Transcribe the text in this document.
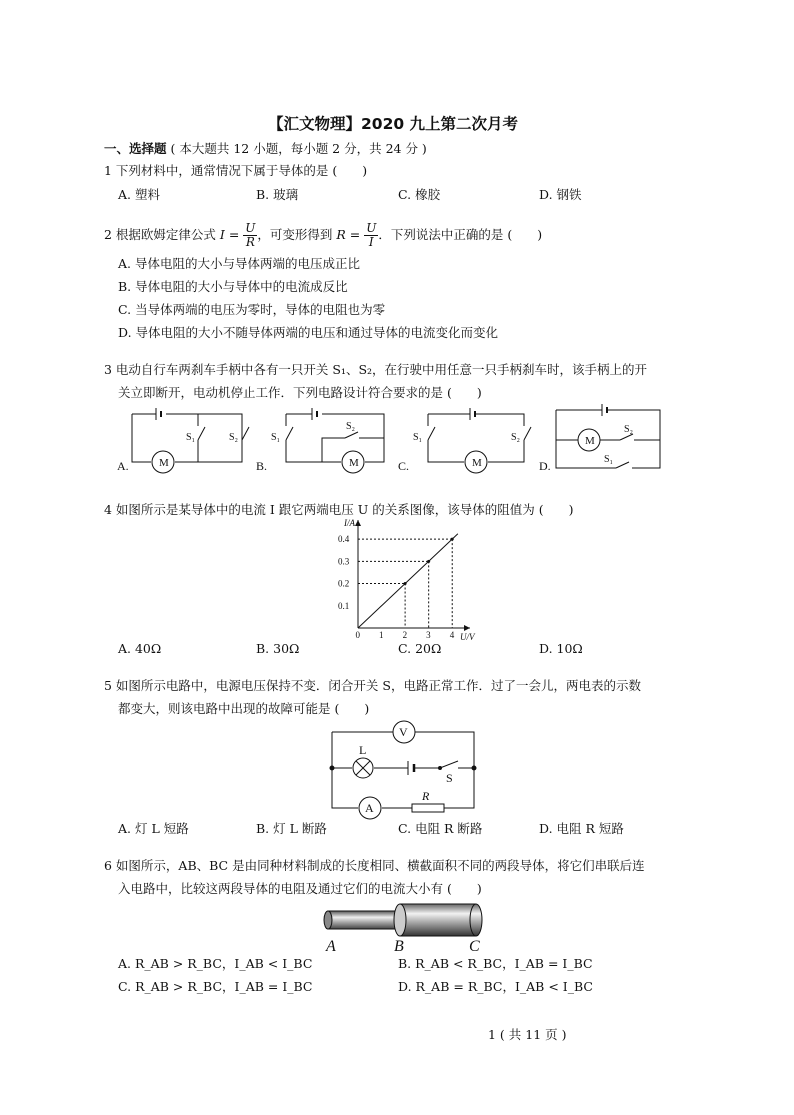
【汇文物理】2020 九上第二次月考
一、选择题 ( 本大题共 12 小题，每小题 2 分，共 24 分 )
1 下列材料中，通常情况下属于导体的是 (　　)
A. 塑料	B. 玻璃	C. 橡胶	D. 钢铁
2 根据欧姆定律公式 $I = \frac{U}{R}$ ，可变形得到 $R = \frac{U}{I}$ ．下列说法中正确的是 (　　)
A. 导体电阻的大小与导体两端的电压成正比
B. 导体电阻的大小与导体中的电流成反比
C. 当导体两端的电压为零时，导体的电阻也为零
D. 导体电阻的大小不随导体两端的电压和通过导体的电流变化而变化
3 电动自行车两刹车手柄中各有一只开关 S₁、S₂，在行驶中用任意一只手柄刹车时，该手柄上的开
关立即断开，电动机停止工作．下列电路设计符合要求的是 (　　)
M
S₁	S₂
A.	M
S₁
S₂
B.	M
S₁	S₂
C.
M
S₂
S₁
D.
4 如图所示是某导体中的电流 I 跟它两端电压 U 的关系图像，该导体的阻值为 (　　)
I/A
U/V
0 1 2 3 4
0.1
0.2
0.3
0.4
A. 40Ω	B. 30Ω	C. 20Ω	D. 10Ω
5 如图所示电路中，电源电压保持不变．闭合开关 S，电路正常工作．过了一会儿，两电表的示数
都变大，则该电路中出现的故障可能是 (　　)
V
A
L
S
R
A. 灯 L 短路	B. 灯 L 断路	C. 电阻 R 断路	D. 电阻 R 短路
6 如图所示，AB、BC 是由同种材料制成的长度相同、横截面积不同的两段导体，将它们串联后连
入电路中，比较这两段导体的电阻及通过它们的电流大小有 (　　)
A	B	C
A. R_AB > R_BC，I_AB < I_BC	B. R_AB < R_BC，I_AB = I_BC
C. R_AB > R_BC，I_AB = I_BC	D. R_AB = R_BC，I_AB < I_BC
1 ( 共 11 页 )
